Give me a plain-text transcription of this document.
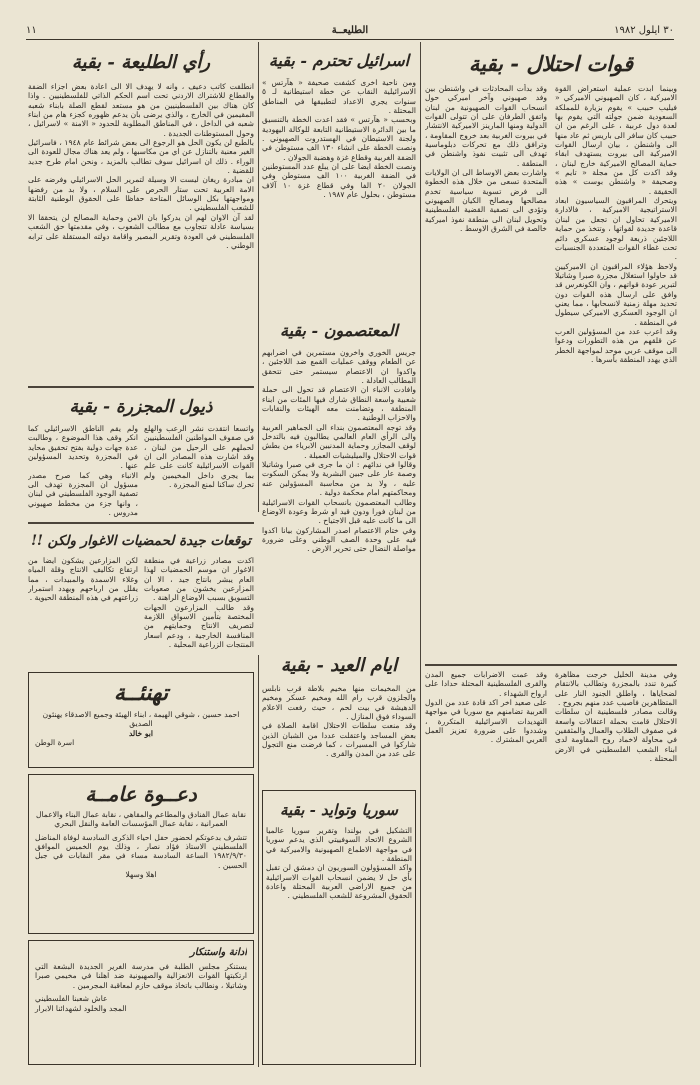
٣٠ ايلول ١٩٨٢
الطليعــة
١١
قوات احتلال - بقية

وبينما ابدت عملية استعراض القوة الاميركية ، كان الصهيوني الاميركي « فيليب حبيب » يقوم بزيارة للمملكة السعودية ضمن جولته التي يقوم بها لعدة دول عربية ، على الرغم من ان حبيب كان سافر الى باريس ثم عاد منها الى واشنطن ، بيان ارسال القوات الاميركية الى بيروت يستهدف ابقاء حماية المصالح الاميركية خارج لبنان ، وقد اكدت كل من مجلة « تايم » وصحيفة « واشنطن بوست » هذه الحقيقة .

ويتحرك المراقبون السياسيون ابعاد الاستراتيجية الاميركية ، فالادارة الاميركية تحاول ان تجعل من لبنان قاعدة جديدة لقواتها ، وتتخذ من حماية اللاجئين ذريعة لوجود عسكري دائم تحت غطاء القوات المتعددة الجنسيات .

ولاحظ هؤلاء المراقبون ان الاميركيين قد حاولوا استغلال مجزرة صبرا وشاتيلا لتبرير عودة قواتهم ، وان الكونغرس قد وافق على ارسال هذه القوات دون تحديد مهلة زمنية لانسحابها ، مما يعني ان الوجود العسكري الاميركي سيطول في المنطقة .

وقد اعرب عدد من المسؤولين العرب عن قلقهم من هذه التطورات ودعوا الى موقف عربي موحد لمواجهة الخطر الذي يهدد المنطقة بأسرها .

وقد بدأت المحادثات في واشنطن بين وفد صهيوني وآخر اميركي حول انسحاب القوات الصهيونية من لبنان واتفق الطرفان على ان تتولى القوات الدولية ومنها المارينز الاميركية الانتشار في بيروت الغربية بعد خروج المقاومة ، وترافق ذلك مع تحركات دبلوماسية تهدف الى تثبيت نفوذ واشنطن في المنطقة .

واشارت بعض الاوساط الى ان الولايات المتحدة تسعى من خلال هذه الخطوة الى فرض تسوية سياسية تخدم مصالحها ومصالح الكيان الصهيوني وتؤدي الى تصفية القضية الفلسطينية وتحويل لبنان الى منطقة نفوذ اميركية خالصة في الشرق الاوسط .

وفي مدينة الخليل خرجت مظاهرة كبيرة تندد بالمجزرة وتطالب بالانتقام لضحاياها ، واطلق الجنود النار على المتظاهرين فاصيب عدد منهم بجروح .

وقالت مصادر فلسطينية ان سلطات الاحتلال قامت بحملة اعتقالات واسعة في صفوف الطلاب والعمال والمثقفين في محاولة لاخماد روح المقاومة لدى ابناء الشعب الفلسطيني في الارض المحتلة .

وقد عمت الاضرابات جميع المدن والقرى الفلسطينية المحتلة حدادا على ارواح الشهداء .

على صعيد اخر اكد قادة عدد من الدول العربية تضامنهم مع سوريا في مواجهة التهديدات الاسرائيلية المتكررة ، وشددوا على ضرورة تعزيز العمل العربي المشترك .

اسرائيل تحترم - بقية

ومن ناحية اخرى كشفت صحيفة « هآرتس » الاسرائيلية النقاب عن خطة استيطانية لـ ٥ سنوات يجري الاعداد لتطبيقها في المناطق المحتلة .

وبحسب « هآرتس » فقد اعدت الخطة بالتنسيق ما بين الدائرة الاستيطانية التابعة للوكالة اليهودية ولجنة الاستيطان في الهستدروت الصهيوني . ونصت الخطة على انشاء ١٣٠ الف مستوطن في الضفة الغربية وقطاع غزة وهضبة الجولان .

ونصت الخطة ايضا على ان يبلغ عدد المستوطنين في الضفة الغربية ١٠٠ الف مستوطن وفي الجولان ٢٠ الفا وفي قطاع غزة ١٠ آلاف مستوطن ، بحلول عام ١٩٨٧ .

المعتصمون - بقية

جريس الخوري واخرون مستمرين في اضرابهم عن الطعام ووقف عمليات القمع ضد اللاجئين ، واكدوا ان الاعتصام سيستمر حتى تتحقق المطالب العادلة .

وافادت الانباء ان الاعتصام قد تحول الى حملة شعبية واسعة النطاق شارك فيها المئات من ابناء المنطقة ، وتضامنت معه الهيئات والنقابات والاحزاب الوطنية .

وقد توجه المعتصمون بنداء الى الجماهير العربية والى الرأي العام العالمي يطالبون فيه بالتدخل لوقف المجازر وحماية المدنيين الابرياء من بطش قوات الاحتلال والميليشيات العميلة .

وقالوا في ندائهم : ان ما جرى في صبرا وشاتيلا وصمة عار على جبين البشرية ولا يمكن السكوت عليه ، ولا بد من محاسبة المسؤولين عنه ومحاكمتهم امام محكمة دولية .

وطالب المعتصمون بانسحاب القوات الاسرائيلية من لبنان فورا ودون قيد او شرط وعودة الاوضاع الى ما كانت عليه قبل الاجتياح .

وفي ختام الاعتصام اصدر المشاركون بيانا اكدوا فيه على وحدة الصف الوطني وعلى ضرورة مواصلة النضال حتى تحرير الارض .

ايام العيد - بقية

من المخيمات منها مخيم بلاطة قرب نابلس والجلزون قرب رام الله ومخيم عسكر ومخيم الدهيشة في بيت لحم ، حيث رفعت الاعلام السوداء فوق المنازل .

وقد منعت سلطات الاحتلال اقامة الصلاة في بعض المساجد واعتقلت عددا من الشبان الذين شاركوا في المسيرات ، كما فرضت منع التجول على عدد من المدن والقرى .

سوريا وتوايد - بقية

التشكيل في بولندا وتقرير سوريا عالميا الشروع الاتحاد السوفييتي الذي يدعم سوريا في مواجهة الاطماع الصهيونية والاميركية في المنطقة .

واكد المسؤولون السوريون ان دمشق لن تقبل بأي حل لا يضمن انسحاب القوات الاسرائيلية من جميع الاراضي العربية المحتلة واعادة الحقوق المشروعة للشعب الفلسطيني .

رأي الطليعة - بقية

انطلقت كاتب دعيف ، وانه لا يهدف الا الى اعادة بعض اجزاء الضفة والقطاع للاشتراك الاردني تحت اسم الحكم الذاتي للفلسطينيين . واذا كان هناك بين الفلسطينيين من هو مستعد لقطع الصلة بابناء شعبه المقيمين في الخارج ، والذي يرضى بان يدعم ظهوره كجزء هام من ابناء شعبه في الداخل ، في المناطق المطلوبة للحدود « الامنة » لاسرائيل ، وحول المستوطنات الجديدة .

بالطبع لن يكون الحل هو الرجوع الى بعض شرائط عام ١٩٤٨ ، فاسرائيل الغير معنية بالتنازل عن اي من مكاسبها ، ولم يعد هناك مجال للعودة الى الوراء . ذلك ان اسرائيل سوف تطالب بالمزيد ، ونحن امام طرح جديد للقضية .

ان مبادرة ريغان ليست الا وسيلة لتمرير الحل الاسرائيلي وفرضه على الامة العربية تحت ستار الحرص على السلام ، ولا بد من رفضها ومواجهتها بكل الوسائل المتاحة حفاظا على الحقوق الوطنية الثابتة للشعب الفلسطيني .

لقد آن الاوان لهم ان يدركوا بان الامن وحماية المصالح لن يتحققا الا بسياسة عادلة تتجاوب مع مطالب الشعوب ، وفي مقدمتها حق الشعب الفلسطيني في العودة وتقرير المصير واقامة دولته المستقلة على ترابه الوطني .

ذيول المجزرة - بقية

واتسعا انتقدت نشر الرعب والهلع في صفوف المواطنين الفلسطينيين لحملهم على الرحيل من لبنان ، وقد اشارت هذه المصادر الى ان القوات الاسرائيلية كانت على علم بما يجري داخل المخيمين ولم تحرك ساكنا لمنع المجزرة .

ولم يقم الناطق الاسرائيلي كما انكر وقف هذا الموضوع ، وطالبت عدة جهات دولية بفتح تحقيق محايد في المجزرة وتحديد المسؤولين عنها .

الانباء وهي كما صرح مصدر مسؤول ان المجزرة تهدف الى تصفية الوجود الفلسطيني في لبنان ، وانها جزء من مخطط صهيوني مدروس .

توقعات جيدة لحمضيات الاغوار ولكن !!

اكدت مصادر زراعية في منطقة الاغوار ان موسم الحمضيات لهذا العام يبشر بانتاج جيد ، الا ان المزارعين يخشون من صعوبات التسويق بسبب الاوضاع الراهنة .

وقد طالب المزارعون الجهات المختصة بتأمين الاسواق اللازمة لتصريف الانتاج وحمايتهم من المنافسة الخارجية ، ودعم اسعار المنتجات الزراعية المحلية .

لكن المزارعين يشكون ايضا من ارتفاع تكاليف الانتاج وقلة المياه وغلاء الاسمدة والمبيدات ، مما يقلل من ارباحهم ويهدد استمرار زراعتهم في هذه المنطقة الحيوية .

تهنئــة

احمد حسين ، شوقي الهيمة ، ابناء الهيئة وجميع الاصدقاء يهنئون الصديق

ابو خالد

اسرة الوطن

دعــوة عامــة

نقابة عمال الفنادق والمطاعم والمقاهي ، نقابة عمال البناء والاعمال العمرانية ، نقابة عمال المؤسسات العامة والنقل البحري

تتشرف بدعوتكم لحضور حفل احياء الذكرى السادسة لوفاة المناضل الفلسطيني الاستاذ فؤاد نصار ، وذلك يوم الخميس الموافق ١٩٨٢/٩/٣٠ الساعة السادسة مساء في مقر النقابات في جبل الحسين .

اهلا وسهلا

ادانة واستنكار

يستنكر مجلس الطلبة في مدرسة الغرير الجديدة البشعة التي ارتكبتها القوات الانعزالية والصهيونية ضد اهلنا في مخيمي صبرا وشاتيلا ، ونطالب باتخاذ موقف حازم لمعاقبة المجرمين .

عاش شعبنا الفلسطيني

المجد والخلود لشهدائنا الابرار
